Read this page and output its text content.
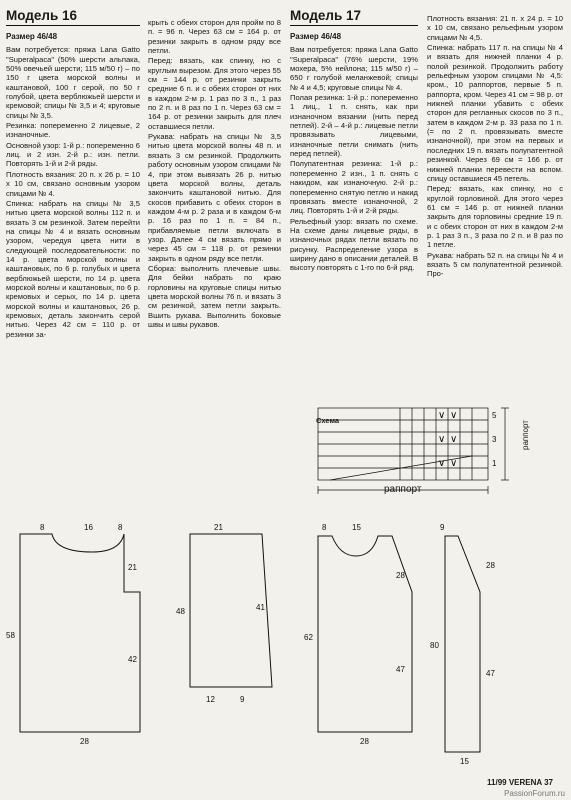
Модель 16
Размер 46/48

Вам потребуется: пряжа Lana Gatto "Superalpaca" (50% шерсти альпака, 50% овечьей шерсти; 115 м/50 г) – по 150 г цвета морской волны и каштановой, 100 г серой, по 50 г голубой, цвета верблюжьей шерсти и кремовой; спицы № 3,5 и 4; круговые спицы № 3,5.

Резинка: попеременно 2 лицевые, 2 изнаночные.

Основной узор: 1-й р.: попеременно 6 лиц. и 2 изн. 2-й р.: изн. петли. Повторять 1-й и 2-й ряды.

Плотность вязания: 20 п. х 26 р. = 10 х 10 см, связано основным узором спицами № 4.

Спинка: набрать на спицы № 3,5 нитью цвета морской волны 112 п. и вязать 3 см резинкой. Затем перейти на спицы № 4 и вязать основным узором, чередуя цвета нити в следующей последовательности: по 14 р. цвета морской волны и каштановых, по 6 р. голубых и цвета верблюжьей шерсти, по 14 р. цвета морской волны и каштановых, по 6 р. кремовых и серых, по 14 р. цвета морской волны и каштановых, 26 р. кремовых, деталь закончить серой нитью. Через 42 см = 110 р. от резинки за-

крыть с обеих сторон для пройм по 8 п. = 96 п. Через 63 см = 164 р. от резинки закрыть в одном ряду все петли.

Перед: вязать, как спинку, но с круглым вырезом. Для этого через 55 см = 144 р. от резинки закрыть средние 6 п. и с обеих сторон от них в каждом 2-м р. 1 раз по 3 п., 1 раз по 2 п. и 8 раз по 1 п. Через 63 см = 164 р. от резинки закрыть для плеч оставшиеся петли.

Рукава: набрать на спицы № 3,5 нитью цвета морской волны 48 п. и вязать 3 см резинкой. Продолжить работу основным узором спицами № 4, при этом вывязать 26 р. нитью цвета морской волны, деталь закончить каштановой нитью. Для скосов прибавить с обеих сторон в каждом 4-м р. 2 раза и в каждом 6-м р. 16 раз по 1 п. = 84 п., прибавляемые петли включать в узор. Далее 4 см вязать прямо и через 45 см = 118 р. от резинки закрыть в одном ряду все петли.

Сборка: выполнить плечевые швы. Для бейки набрать по краю горловины на круговые спицы нитью цвета морской волны 76 п. и вязать 3 см резинкой, затем петли закрыть. Вшить рукава. Выполнить боковые швы и швы рукавов.

Модель 17
Размер 46/48

Вам потребуется: пряжа Lana Gatto "Superalpaca" (76% шерсти, 19% мохера, 5% нейлона; 115 м/50 г) – 650 г голубой меланжевой; спицы № 4 и 4,5; круговые спицы № 4.

Полая резинка: 1-й р.: попеременно 1 лиц., 1 п. снять, как при изнаночном вязании (нить перед петлей). 2-й – 4-й р.: лицевые петли провязывать лицевыми, изнаночные петли снимать (нить перед петлей).

Полупатентная резинка: 1-й р.: попеременно 2 изн., 1 п. снять с накидом, как изнаночную. 2-й р.: попеременно снятую петлю и накид провязать вместе изнаночной, 2 лиц. Повторять 1-й и 2-й ряды.

Рельефный узор: вязать по схеме. На схеме даны лицевые ряды, в изнаночных рядах петли вязать по рисунку. Распределение узора в ширину дано в описании деталей. В высоту повторять с 1-го по 6-й ряд.

Плотность вязания: 21 п. х 24 р. = 10 х 10 см, связано рельефным узором спицами № 4,5.

Спинка: набрать 117 п. на спицы № 4 и вязать для нижней планки 4 р. полой резинкой. Продолжить работу рельефным узором спицами № 4,5: кром., 10 раппортов, первые 5 п. раппорта, кром. Через 41 см = 98 р. от нижней планки убавить с обеих сторон для регланных скосов по 3 п., затем в каждом 2-м р. 33 раза по 1 п. (= по 2 п. провязывать вместе изнаночной), при этом на первых и последних 19 п. вязать полупатентной резинкой. Через 69 см = 166 р. от нижней планки перевести на вспом. спицу оставшиеся 45 петель.

Перед: вязать, как спинку, но с круглой горловиной. Для этого через 61 см = 146 р. от нижней планки закрыть для горловины средние 19 п. и с обеих сторон от них в каждом 2-м р. 1 раз 3 п., 3 раза по 2 п. и 8 раз по 1 петле.

Рукава: набрать 52 п. на спицы № 4 и вязать 5 см полупатентной резинкой. Про-

Схема	∨ ∨
∨ ∨
∨ ∨
5
3
1
раппорт
раппорт
8	16	8
21
58
42
28
21
48	41
12	9
8	15
28
62
47
28
9
80
28
47
15
11/99 VERENA 37
PassionForum.ru
